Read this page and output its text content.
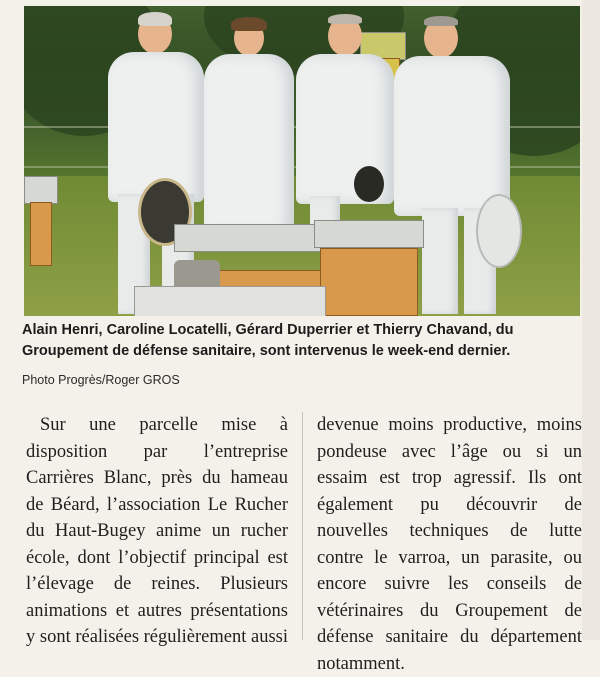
Alain Henri, Caroline Locatelli, Gérard Duperrier et Thierry Chavand, du Groupement de défense sanitaire, sont intervenus le week-end dernier.
Photo Progrès/Roger GROS

Sur une parcelle mise à disposition par l’entreprise Carrières Blanc, près du hameau de Béard, l’association Le Rucher du Haut-Bugey anime un rucher école, dont l’objectif principal est l’élevage de reines. Plusieurs animations et autres présentations y sont réalisées régulièrement aussi

devenue moins productive, moins pondeuse avec l’âge ou si un essaim est trop agressif. Ils ont également pu découvrir de nouvelles techniques de lutte contre le varroa, un parasite, ou encore suivre les conseils de vétérinaires du Groupement de défense sanitaire du département notamment.
